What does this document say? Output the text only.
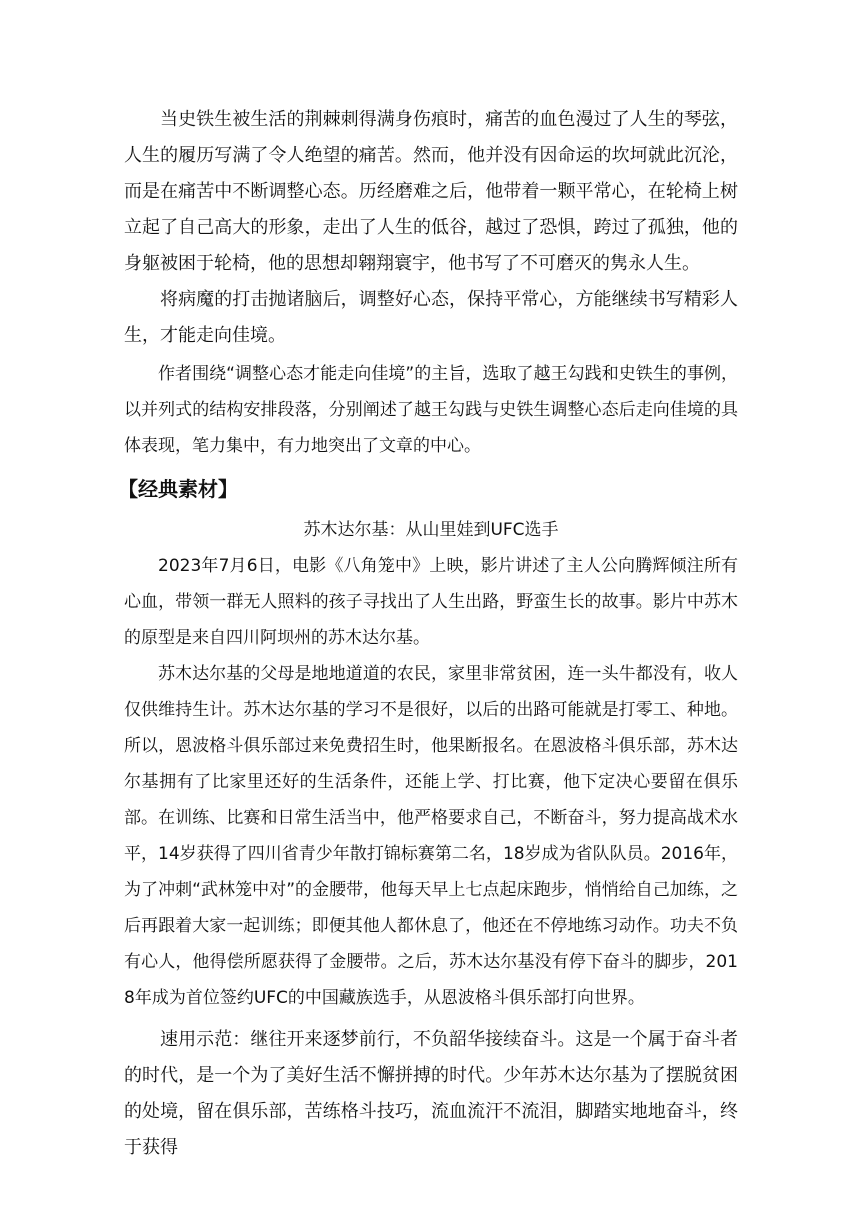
当史铁生被生活的荆棘刺得满身伤痕时，痛苦的血色漫过了人生的琴弦，人生的履历写满了令人绝望的痛苦。然而，他并没有因命运的坎坷就此沉沦，而是在痛苦中不断调整心态。历经磨难之后，他带着一颗平常心，在轮椅上树立起了自己高大的形象，走出了人生的低谷，越过了恐惧，跨过了孤独，他的身躯被困于轮椅，他的思想却翱翔寰宇，他书写了不可磨灭的隽永人生。

将病魔的打击抛诸脑后，调整好心态，保持平常心，方能继续书写精彩人生，才能走向佳境。

作者围绕“调整心态才能走向佳境”的主旨，选取了越王勾践和史铁生的事例，以并列式的结构安排段落，分别阐述了越王勾践与史铁生调整心态后走向佳境的具体表现，笔力集中，有力地突出了文章的中心。

【经典素材】
苏木达尔基：从山里娃到UFC选手

2023年7月6日，电影《八角笼中》上映，影片讲述了主人公向腾辉倾注所有心血，带领一群无人照料的孩子寻找出了人生出路，野蛮生长的故事。影片中苏木的原型是来自四川阿坝州的苏木达尔基。

苏木达尔基的父母是地地道道的农民，家里非常贫困，连一头牛都没有，收人仅供维持生计。苏木达尔基的学习不是很好，以后的出路可能就是打零工、种地。所以，恩波格斗俱乐部过来免费招生时，他果断报名。在恩波格斗俱乐部，苏木达尔基拥有了比家里还好的生活条件，还能上学、打比赛，他下定决心要留在俱乐部。在训练、比赛和日常生活当中，他严格要求自己，不断奋斗，努力提高战术水平，14岁获得了四川省青少年散打锦标赛第二名，18岁成为省队队员。2016年，为了冲刺“武林笼中对”的金腰带，他每天早上七点起床跑步，悄悄给自己加练，之后再跟着大家一起训练；即便其他人都休息了，他还在不停地练习动作。功夫不负有心人，他得偿所愿获得了金腰带。之后，苏木达尔基没有停下奋斗的脚步，2018年成为首位签约UFC的中国藏族选手，从恩波格斗俱乐部打向世界。

速用示范：继往开来逐梦前行，不负韶华接续奋斗。这是一个属于奋斗者的时代，是一个为了美好生活不懈拼搏的时代。少年苏木达尔基为了摆脱贫困的处境，留在俱乐部，苦练格斗技巧，流血流汗不流泪，脚踏实地地奋斗，终于获得
